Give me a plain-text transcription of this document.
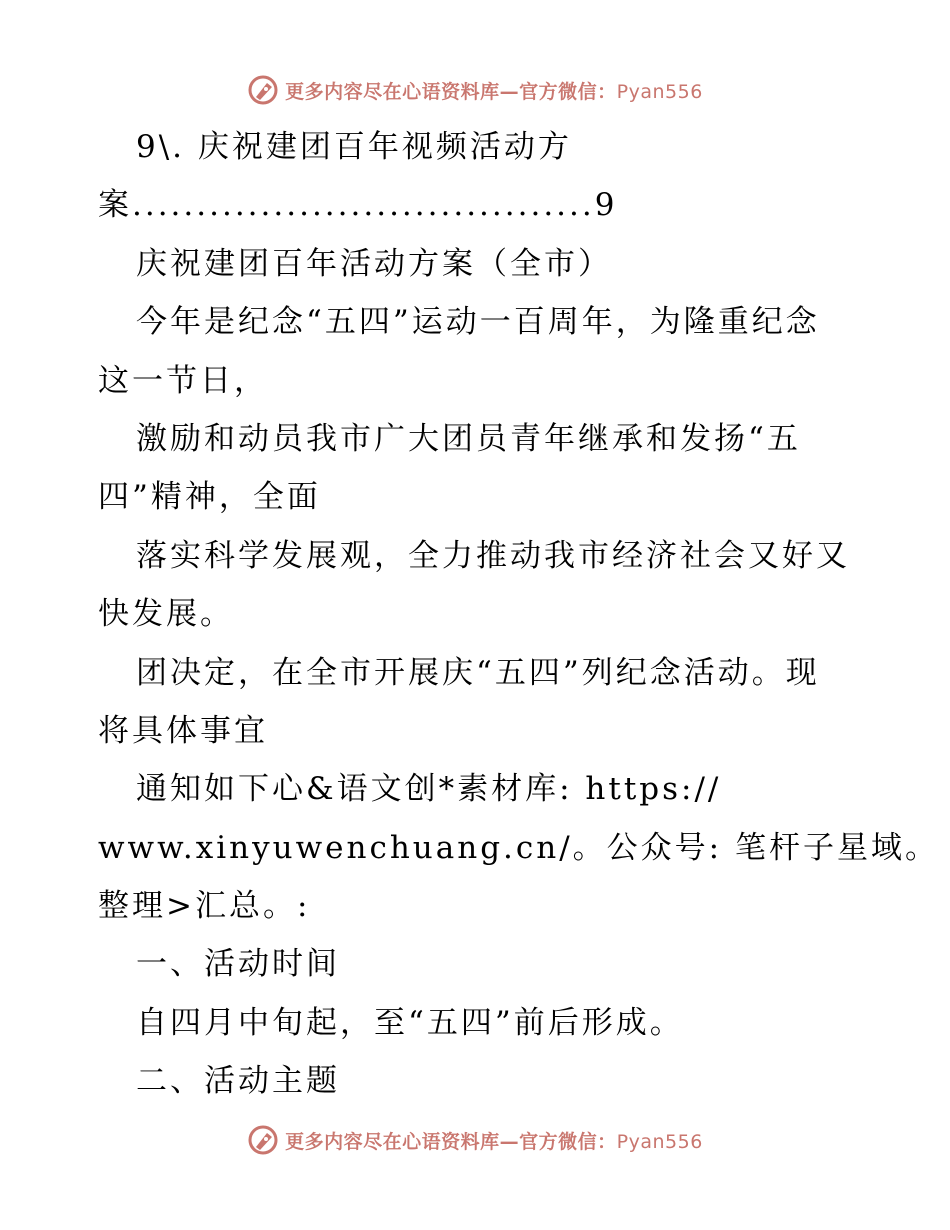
更多内容尽在心语资料库—官方微信：Pyan556
9\. 庆祝建团百年视频活动方
案....................................9
庆祝建团百年活动方案（全市）
今年是纪念“五四”运动一百周年，为隆重纪念
这一节日，
激励和动员我市广大团员青年继承和发扬“五
四”精神，全面
落实科学发展观，全力推动我市经济社会又好又
快发展。
团决定，在全市开展庆“五四”列纪念活动。现
将具体事宜
通知如下心&语文创*素材库: https://
www.xinyuwenchuang.cn/。公众号: 笔杆子星域。
整理>汇总。:
一、活动时间
自四月中旬起，至“五四”前后形成。
二、活动主题
更多内容尽在心语资料库—官方微信：Pyan556
